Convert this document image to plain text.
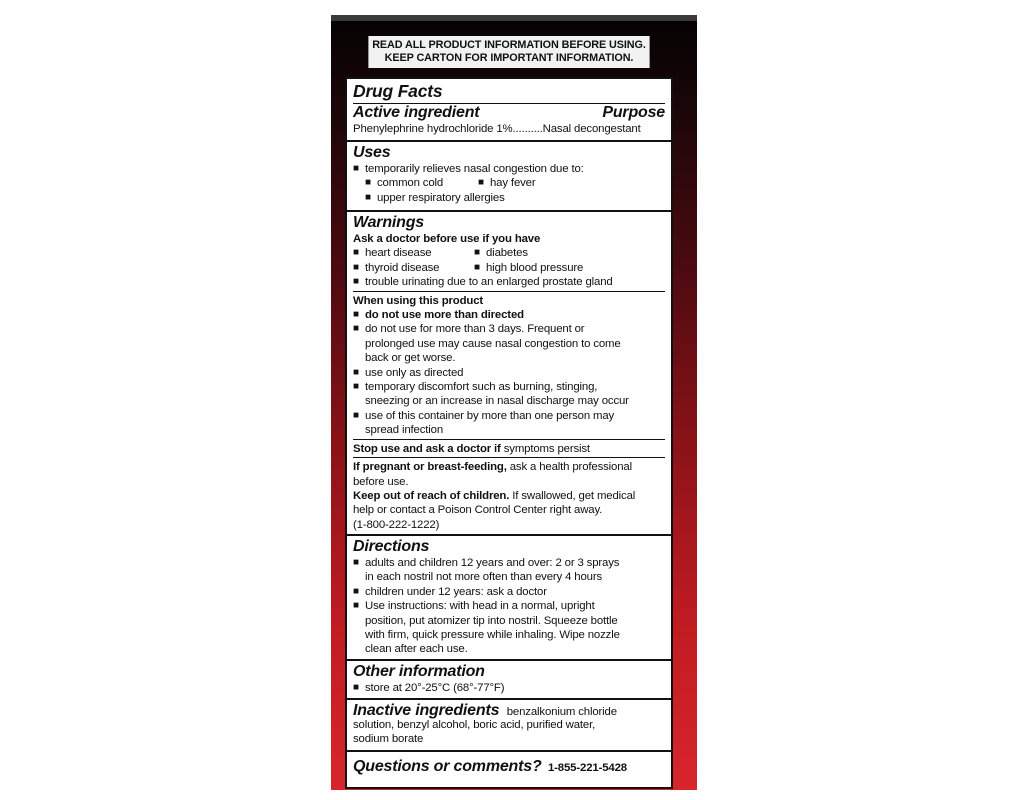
READ ALL PRODUCT INFORMATION BEFORE USING.
KEEP CARTON FOR IMPORTANT INFORMATION.
Drug Facts
Active ingredient	Purpose
Phenylephrine hydrochloride 1%..........Nasal decongestant
Uses
■ temporarily relieves nasal congestion due to:
■ common cold	■ hay fever
■ upper respiratory allergies
Warnings
Ask a doctor before use if you have
■ heart disease	■ diabetes
■ thyroid disease	■ high blood pressure
■ trouble urinating due to an enlarged prostate gland
When using this product
■ do not use more than directed
■ do not use for more than 3 days. Frequent or
prolonged use may cause nasal congestion to come
back or get worse.
■ use only as directed
■ temporary discomfort such as burning, stinging,
sneezing or an increase in nasal discharge may occur
■ use of this container by more than one person may
spread infection
Stop use and ask a doctor if symptoms persist
If pregnant or breast-feeding, ask a health professional
before use.
Keep out of reach of children. If swallowed, get medical
help or contact a Poison Control Center right away.
(1-800-222-1222)
Directions
■ adults and children 12 years and over: 2 or 3 sprays
in each nostril not more often than every 4 hours
■ children under 12 years: ask a doctor
■ Use instructions: with head in a normal, upright
position, put atomizer tip into nostril. Squeeze bottle
with firm, quick pressure while inhaling. Wipe nozzle
clean after each use.
Other information
■ store at 20°-25°C (68°-77°F)
Inactive ingredients benzalkonium chloride
solution, benzyl alcohol, boric acid, purified water,
sodium borate
Questions or comments? 1-855-221-5428
